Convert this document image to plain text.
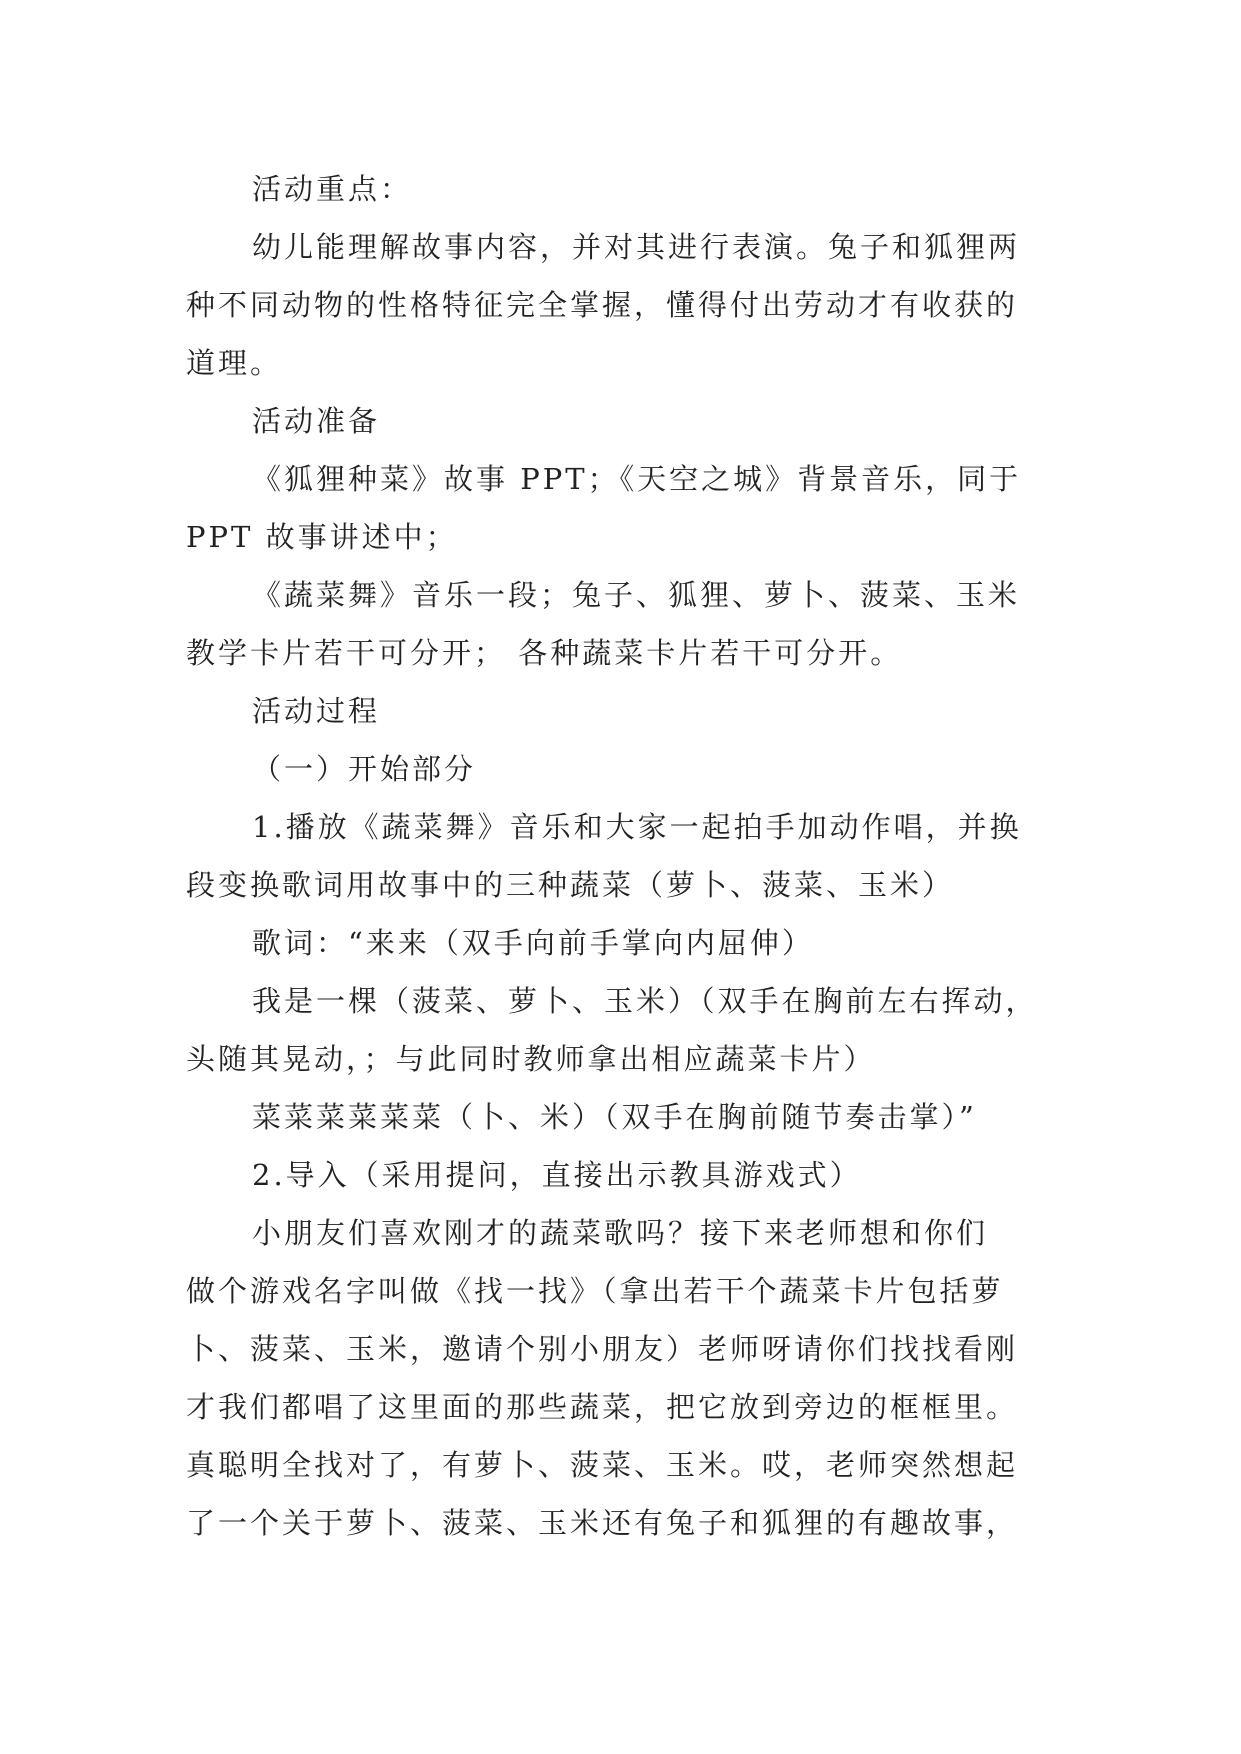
活动重点：
幼儿能理解故事内容，并对其进行表演。兔子和狐狸两
种不同动物的性格特征完全掌握，懂得付出劳动才有收获的
道理。
活动准备
《狐狸种菜》故事 PPT；《天空之城》背景音乐，同于
PPT 故事讲述中；
《蔬菜舞》音乐一段；兔子、狐狸、萝卜、菠菜、玉米
教学卡片若干可分开； 各种蔬菜卡片若干可分开。
活动过程
（一）开始部分
1.播放《蔬菜舞》音乐和大家一起拍手加动作唱，并换
段变换歌词用故事中的三种蔬菜（萝卜、菠菜、玉米）
歌词：“来来（双手向前手掌向内屈伸）
我是一棵（菠菜、萝卜、玉米）（双手在胸前左右挥动，
头随其晃动，；与此同时教师拿出相应蔬菜卡片）
菜菜菜菜菜菜（卜、米）（双手在胸前随节奏击掌）”
2.导入（采用提问，直接出示教具游戏式）
小朋友们喜欢刚才的蔬菜歌吗？接下来老师想和你们
做个游戏名字叫做《找一找》（拿出若干个蔬菜卡片包括萝
卜、菠菜、玉米，邀请个别小朋友）老师呀请你们找找看刚
才我们都唱了这里面的那些蔬菜，把它放到旁边的框框里。
真聪明全找对了，有萝卜、菠菜、玉米。哎，老师突然想起
了一个关于萝卜、菠菜、玉米还有兔子和狐狸的有趣故事，
